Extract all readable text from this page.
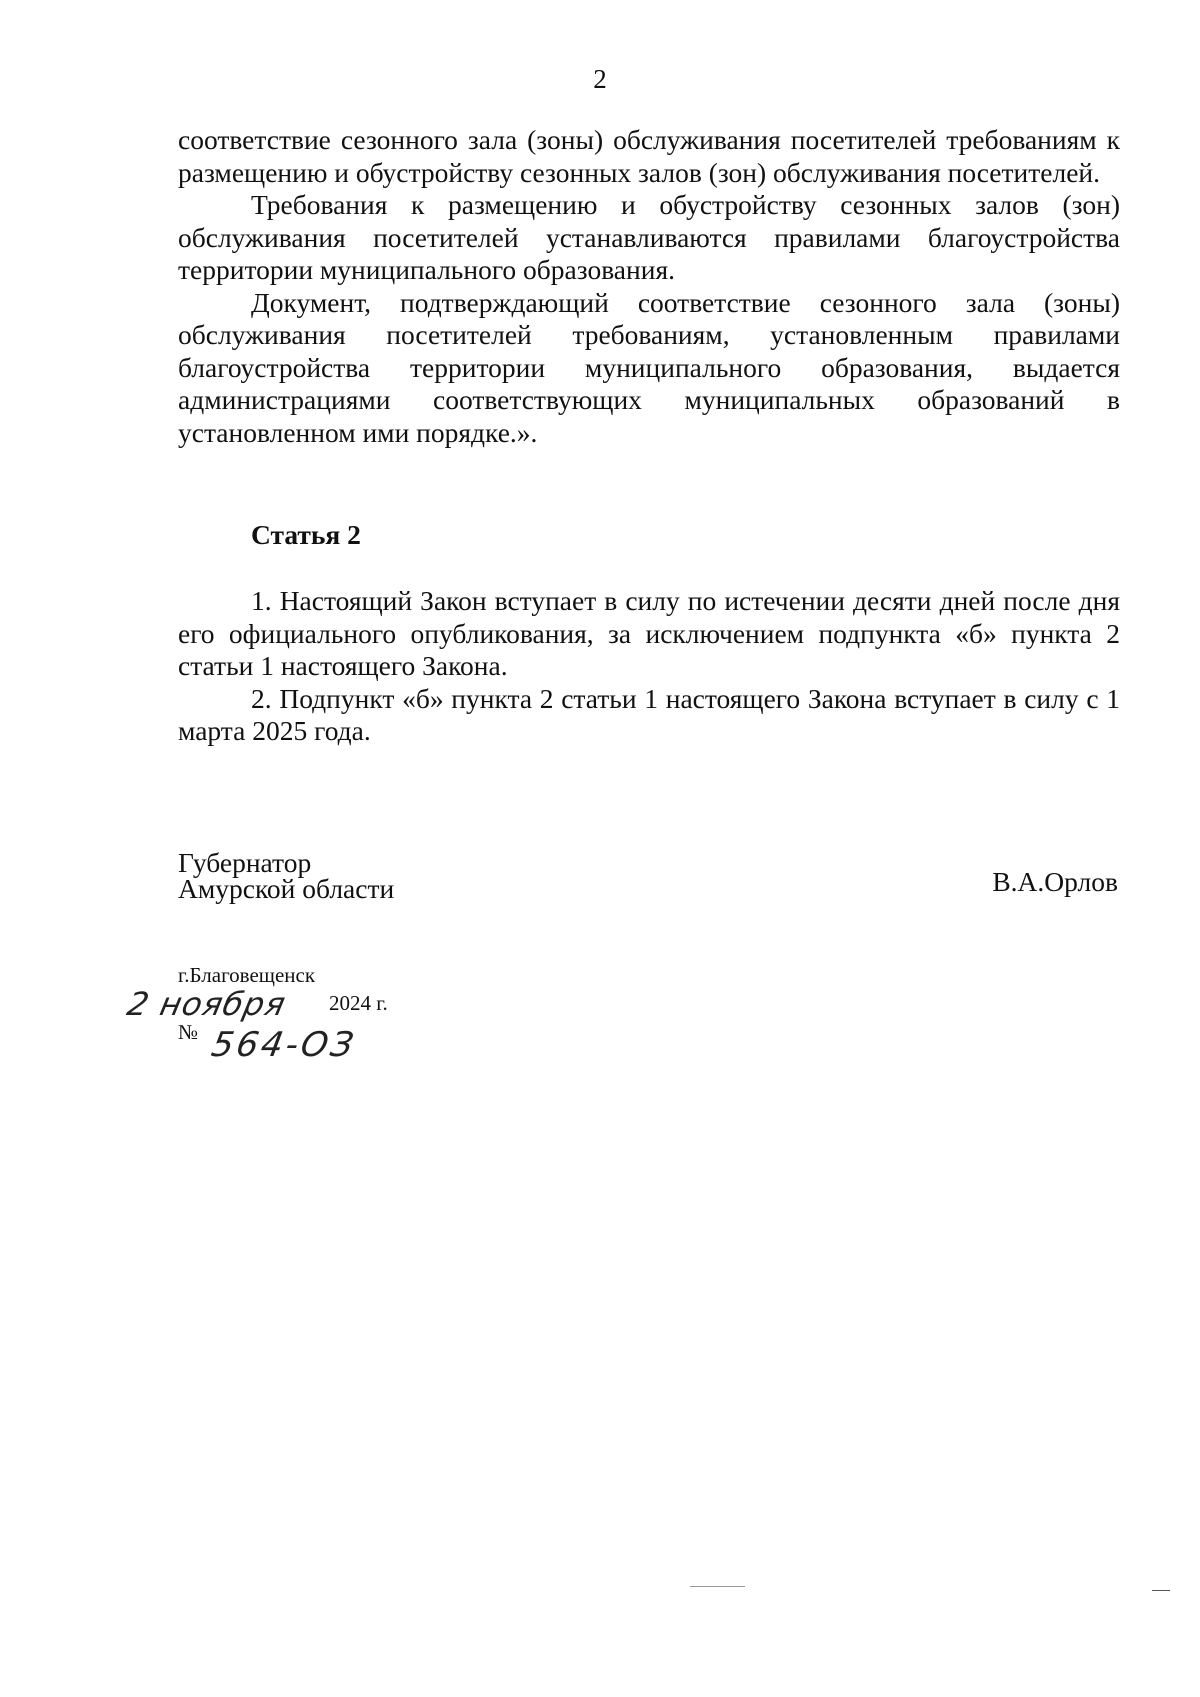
2

соответствие сезонного зала (зоны) обслуживания посетителей требованиям к размещению и обустройству сезонных залов (зон) обслуживания посетителей.

Требования к размещению и обустройству сезонных залов (зон) обслуживания посетителей устанавливаются правилами благоустройства территории муниципального образования.

Документ, подтверждающий соответствие сезонного зала (зоны) обслуживания посетителей требованиям, установленным правилами благоустройства территории муниципального образования, выдается администрациями соответствующих муниципальных образований в установленном ими порядке.».

Статья 2

1. Настоящий Закон вступает в силу по истечении десяти дней после дня его официального опубликования, за исключением подпункта «б» пункта 2 статьи 1 настоящего Закона.

2. Подпункт «б» пункта 2 статьи 1 настоящего Закона вступает в силу с 1 марта 2025 года.

Губернатор
Амурской области	В.А.Орлов
г.Благовещенск
2 ноября 2024 г.
№ 564-ОЗ
